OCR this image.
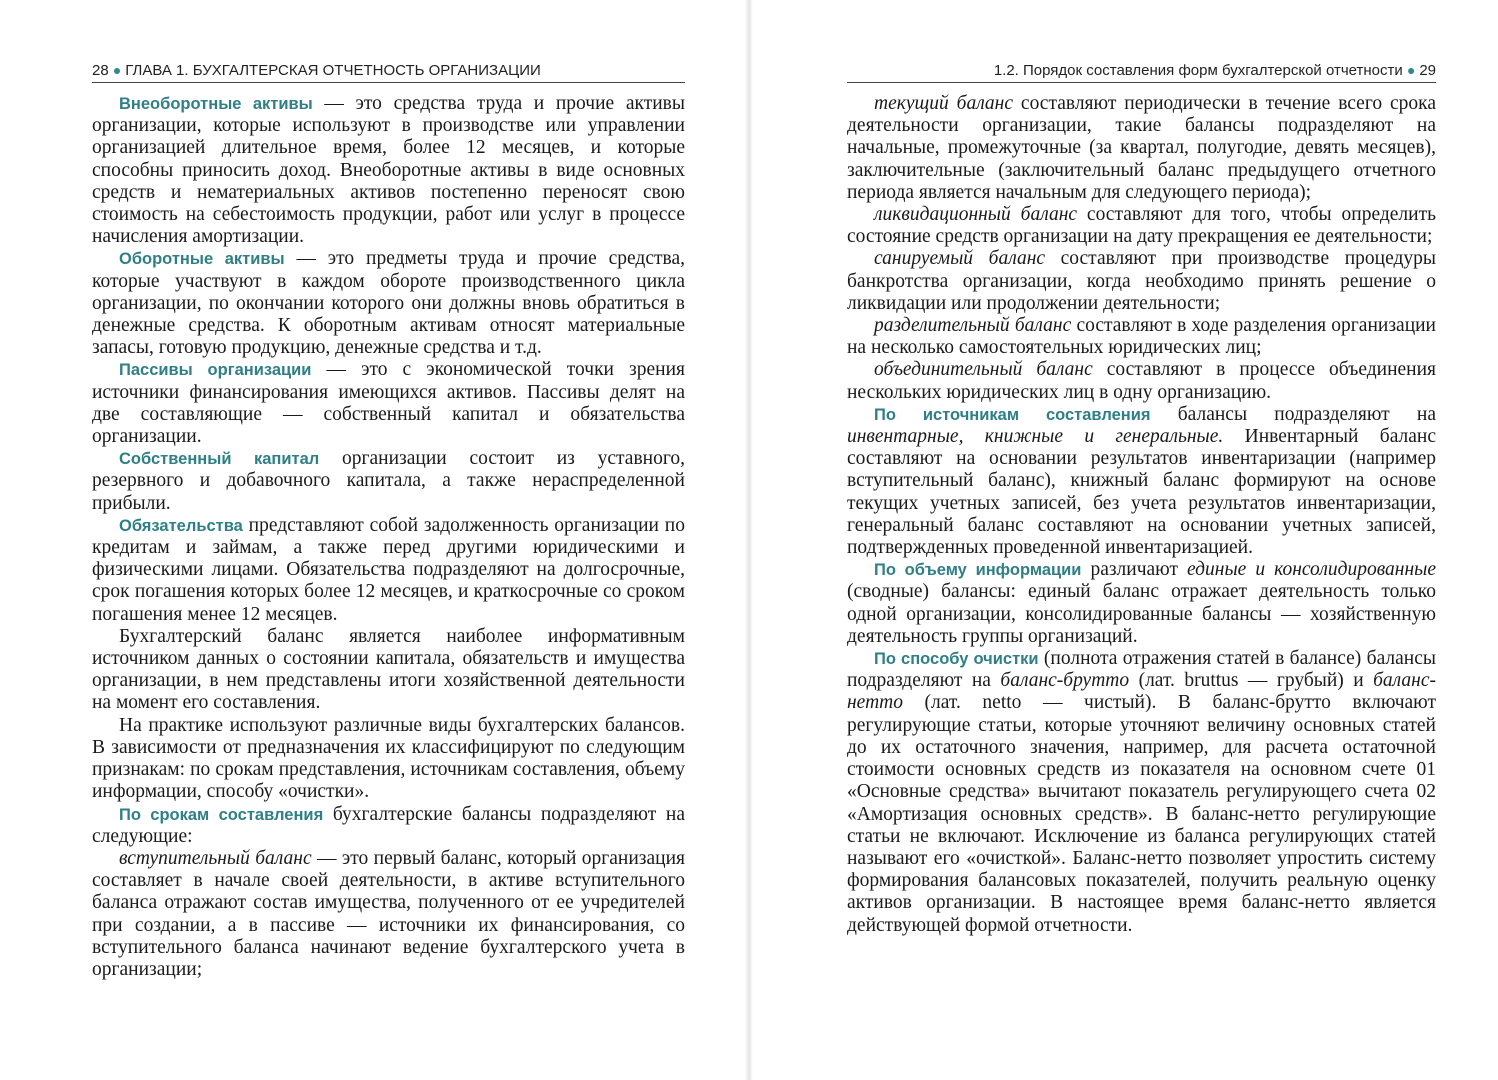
28 ● ГЛАВА 1. БУХГАЛТЕРСКАЯ ОТЧЕТНОСТЬ ОРГАНИЗАЦИИ
Внеоборотные активы — это средства труда и прочие активы организации, которые используют в производстве или управлении организацией длительное время, более 12 месяцев, и которые способны приносить доход. Внеоборотные активы в виде основных средств и нематериальных активов постепенно переносят свою стоимость на себестоимость продукции, работ или услуг в процессе начисления амортизации.
Оборотные активы — это предметы труда и прочие средства, которые участвуют в каждом обороте производственного цикла организации, по окончании которого они должны вновь обратиться в денежные средства. К оборотным активам относят материальные запасы, готовую продукцию, денежные средства и т.д.
Пассивы организации — это с экономической точки зрения источники финансирования имеющихся активов. Пассивы делят на две составляющие — собственный капитал и обязательства организации.
Собственный капитал организации состоит из уставного, резервного и добавочного капитала, а также нераспределенной прибыли.
Обязательства представляют собой задолженность организации по кредитам и займам, а также перед другими юридическими и физическими лицами. Обязательства подразделяют на долгосрочные, срок погашения которых более 12 месяцев, и краткосрочные со сроком погашения менее 12 месяцев.
Бухгалтерский баланс является наиболее информативным источником данных о состоянии капитала, обязательств и имущества организации, в нем представлены итоги хозяйственной деятельности на момент его составления.
На практике используют различные виды бухгалтерских балансов. В зависимости от предназначения их классифицируют по следующим признакам: по срокам представления, источникам составления, объему информации, способу «очистки».
По срокам составления бухгалтерские балансы подразделяют на следующие:
вступительный баланс — это первый баланс, который организация составляет в начале своей деятельности, в активе вступительного баланса отражают состав имущества, полученного от ее учредителей при создании, а в пассиве — источники их финансирования, со вступительного баланса начинают ведение бухгалтерского учета в организации;
1.2. Порядок составления форм бухгалтерской отчетности ● 29
текущий баланс составляют периодически в течение всего срока деятельности организации, такие балансы подразделяют на начальные, промежуточные (за квартал, полугодие, девять месяцев), заключительные (заключительный баланс предыдущего отчетного периода является начальным для следующего периода);
ликвидационный баланс составляют для того, чтобы определить состояние средств организации на дату прекращения ее деятельности;
санируемый баланс составляют при производстве процедуры банкротства организации, когда необходимо принять решение о ликвидации или продолжении деятельности;
разделительный баланс составляют в ходе разделения организации на несколько самостоятельных юридических лиц;
объединительный баланс составляют в процессе объединения нескольких юридических лиц в одну организацию.
По источникам составления балансы подразделяют на инвентарные, книжные и генеральные. Инвентарный баланс составляют на основании результатов инвентаризации (например вступительный баланс), книжный баланс формируют на основе текущих учетных записей, без учета результатов инвентаризации, генеральный баланс составляют на основании учетных записей, подтвержденных проведенной инвентаризацией.
По объему информации различают единые и консолидированные (сводные) балансы: единый баланс отражает деятельность только одной организации, консолидированные балансы — хозяйственную деятельность группы организаций.
По способу очистки (полнота отражения статей в балансе) балансы подразделяют на баланс-брутто (лат. bruttus — грубый) и баланс-нетто (лат. netto — чистый). В баланс-брутто включают регулирующие статьи, которые уточняют величину основных статей до их остаточного значения, например, для расчета остаточной стоимости основных средств из показателя на основном счете 01 «Основные средства» вычитают показатель регулирующего счета 02 «Амортизация основных средств». В баланс-нетто регулирующие статьи не включают. Исключение из баланса регулирующих статей называют его «очисткой». Баланс-нетто позволяет упростить систему формирования балансовых показателей, получить реальную оценку активов организации. В настоящее время баланс-нетто является действующей формой отчетности.
